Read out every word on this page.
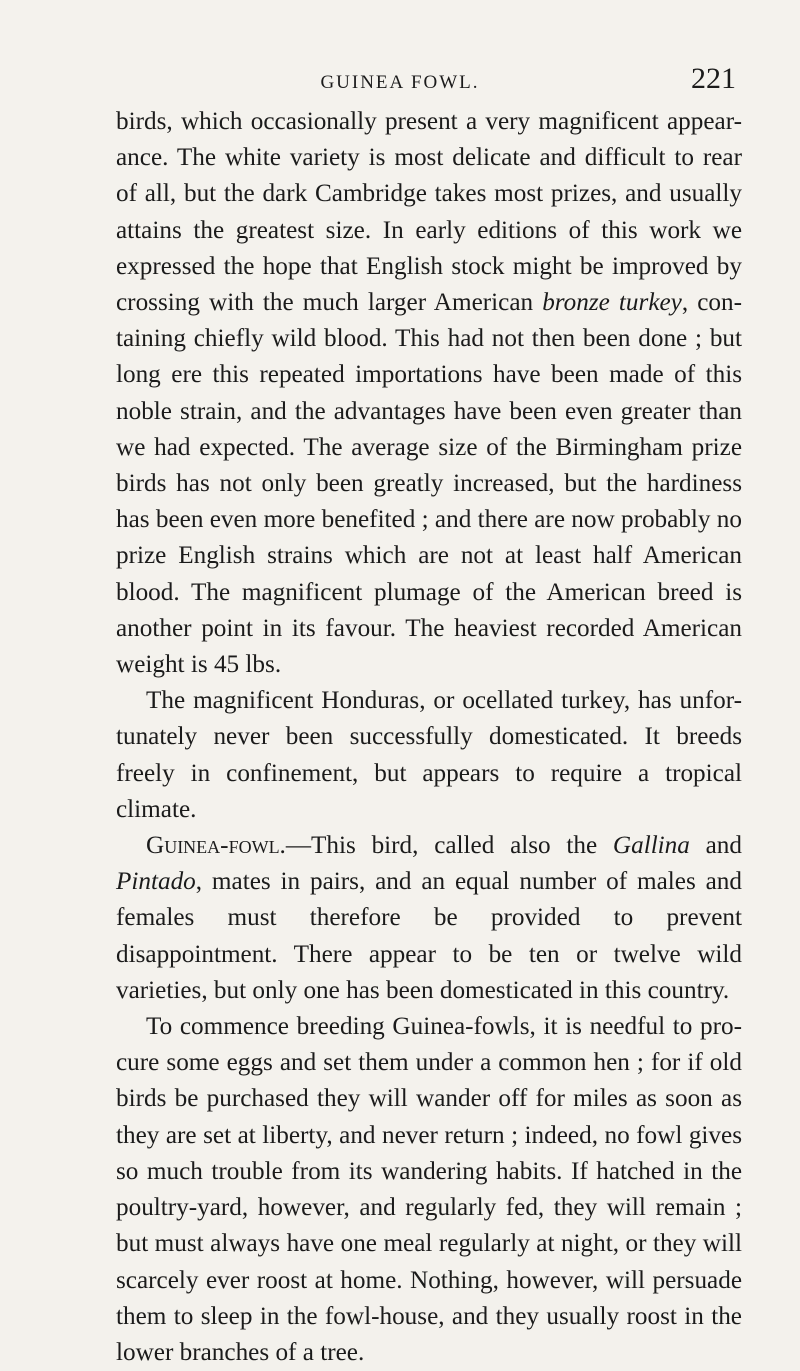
GUINEA FOWL.	221

birds, which occasionally present a very magnificent appear- ance. The white variety is most delicate and difficult to rear of all, but the dark Cambridge takes most prizes, and usually attains the greatest size. In early editions of this work we expressed the hope that English stock might be improved by crossing with the much larger American bronze turkey, con- taining chiefly wild blood. This had not then been done ; but long ere this repeated importations have been made of this noble strain, and the advantages have been even greater than we had expected. The average size of the Birmingham prize birds has not only been greatly increased, but the hardiness has been even more benefited ; and there are now probably no prize English strains which are not at least half American blood. The magnificent plumage of the American breed is another point in its favour. The heaviest recorded American weight is 45 lbs.

The magnificent Honduras, or ocellated turkey, has unfor- tunately never been successfully domesticated. It breeds freely in confinement, but appears to require a tropical climate.

Guinea-fowl.—This bird, called also the Gallina and Pintado, mates in pairs, and an equal number of males and females must therefore be provided to prevent disappointment. There appear to be ten or twelve wild varieties, but only one has been domesticated in this country.

To commence breeding Guinea-fowls, it is needful to pro- cure some eggs and set them under a common hen ; for if old birds be purchased they will wander off for miles as soon as they are set at liberty, and never return ; indeed, no fowl gives so much trouble from its wandering habits. If hatched in the poultry-yard, however, and regularly fed, they will remain ; but must always have one meal regularly at night, or they will scarcely ever roost at home. Nothing, however, will persuade them to sleep in the fowl-house, and they usually roost in the lower branches of a tree.
